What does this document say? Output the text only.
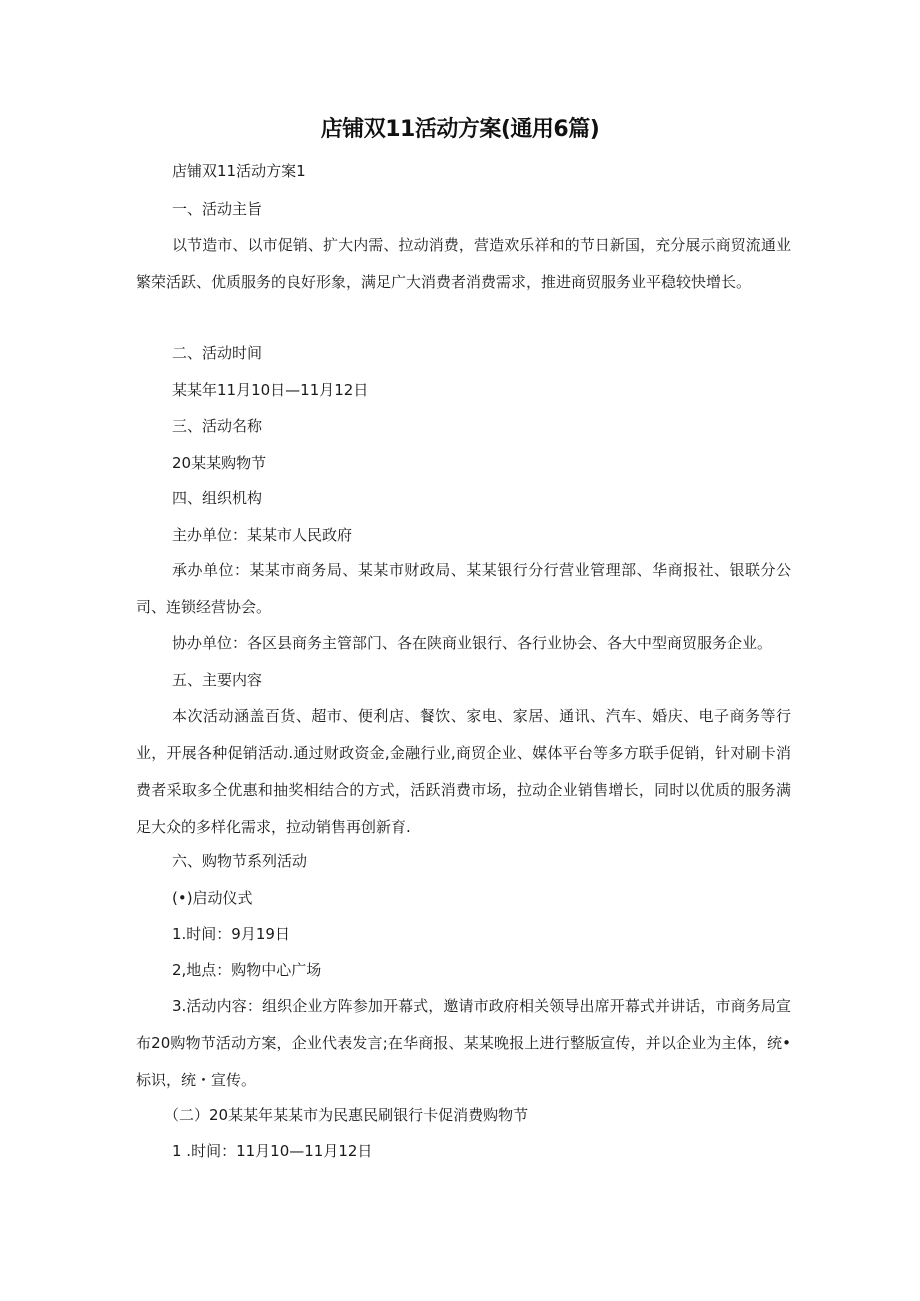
店铺双11活动方案(通用6篇)
店铺双11活动方案1
一、活动主旨
以节造市、以市促销、扩大内需、拉动消费，营造欢乐祥和的节日新国，充分展示商贸流通业繁荣活跃、优质服务的良好形象，满足广大消费者消费需求，推进商贸服务业平稳较快增长。
二、活动时间
某某年11月10日—11月12日
三、活动名称
20某某购物节
四、组织机构
主办单位：某某市人民政府
承办单位：某某市商务局、某某市财政局、某某银行分行营业管理部、华商报社、银联分公司、连锁经营协会。
协办单位：各区县商务主管部门、各在陕商业银行、各行业协会、各大中型商贸服务企业。
五、主要内容
本次活动涵盖百货、超市、便利店、餐饮、家电、家居、通讯、汽车、婚庆、电子商务等行业，开展各种促销活动.通过财政资金,金融行业,商贸企业、媒体平台等多方联手促销，针对刷卡消费者采取多仝优惠和抽奖相结合的方式，活跃消费市场，拉动企业销售增长，同时以优质的服务满足大众的多样化需求，拉动销售再创新育.
六、购物节系列活动
(•)启动仪式
1.时间：9月19日
2,地点：购物中心广场
3.活动内容：组织企业方阵参加开幕式，邀请市政府相关领导出席开幕式并讲话，市商务局宣布20购物节活动方案，企业代表发言;在华商报、某某晚报上进行整版宣传，并以企业为主体，统•标识，统・宣传。
（二）20某某年某某市为民惠民刷银行卡促消费购物节
1 .时间：11月10—11月12日
